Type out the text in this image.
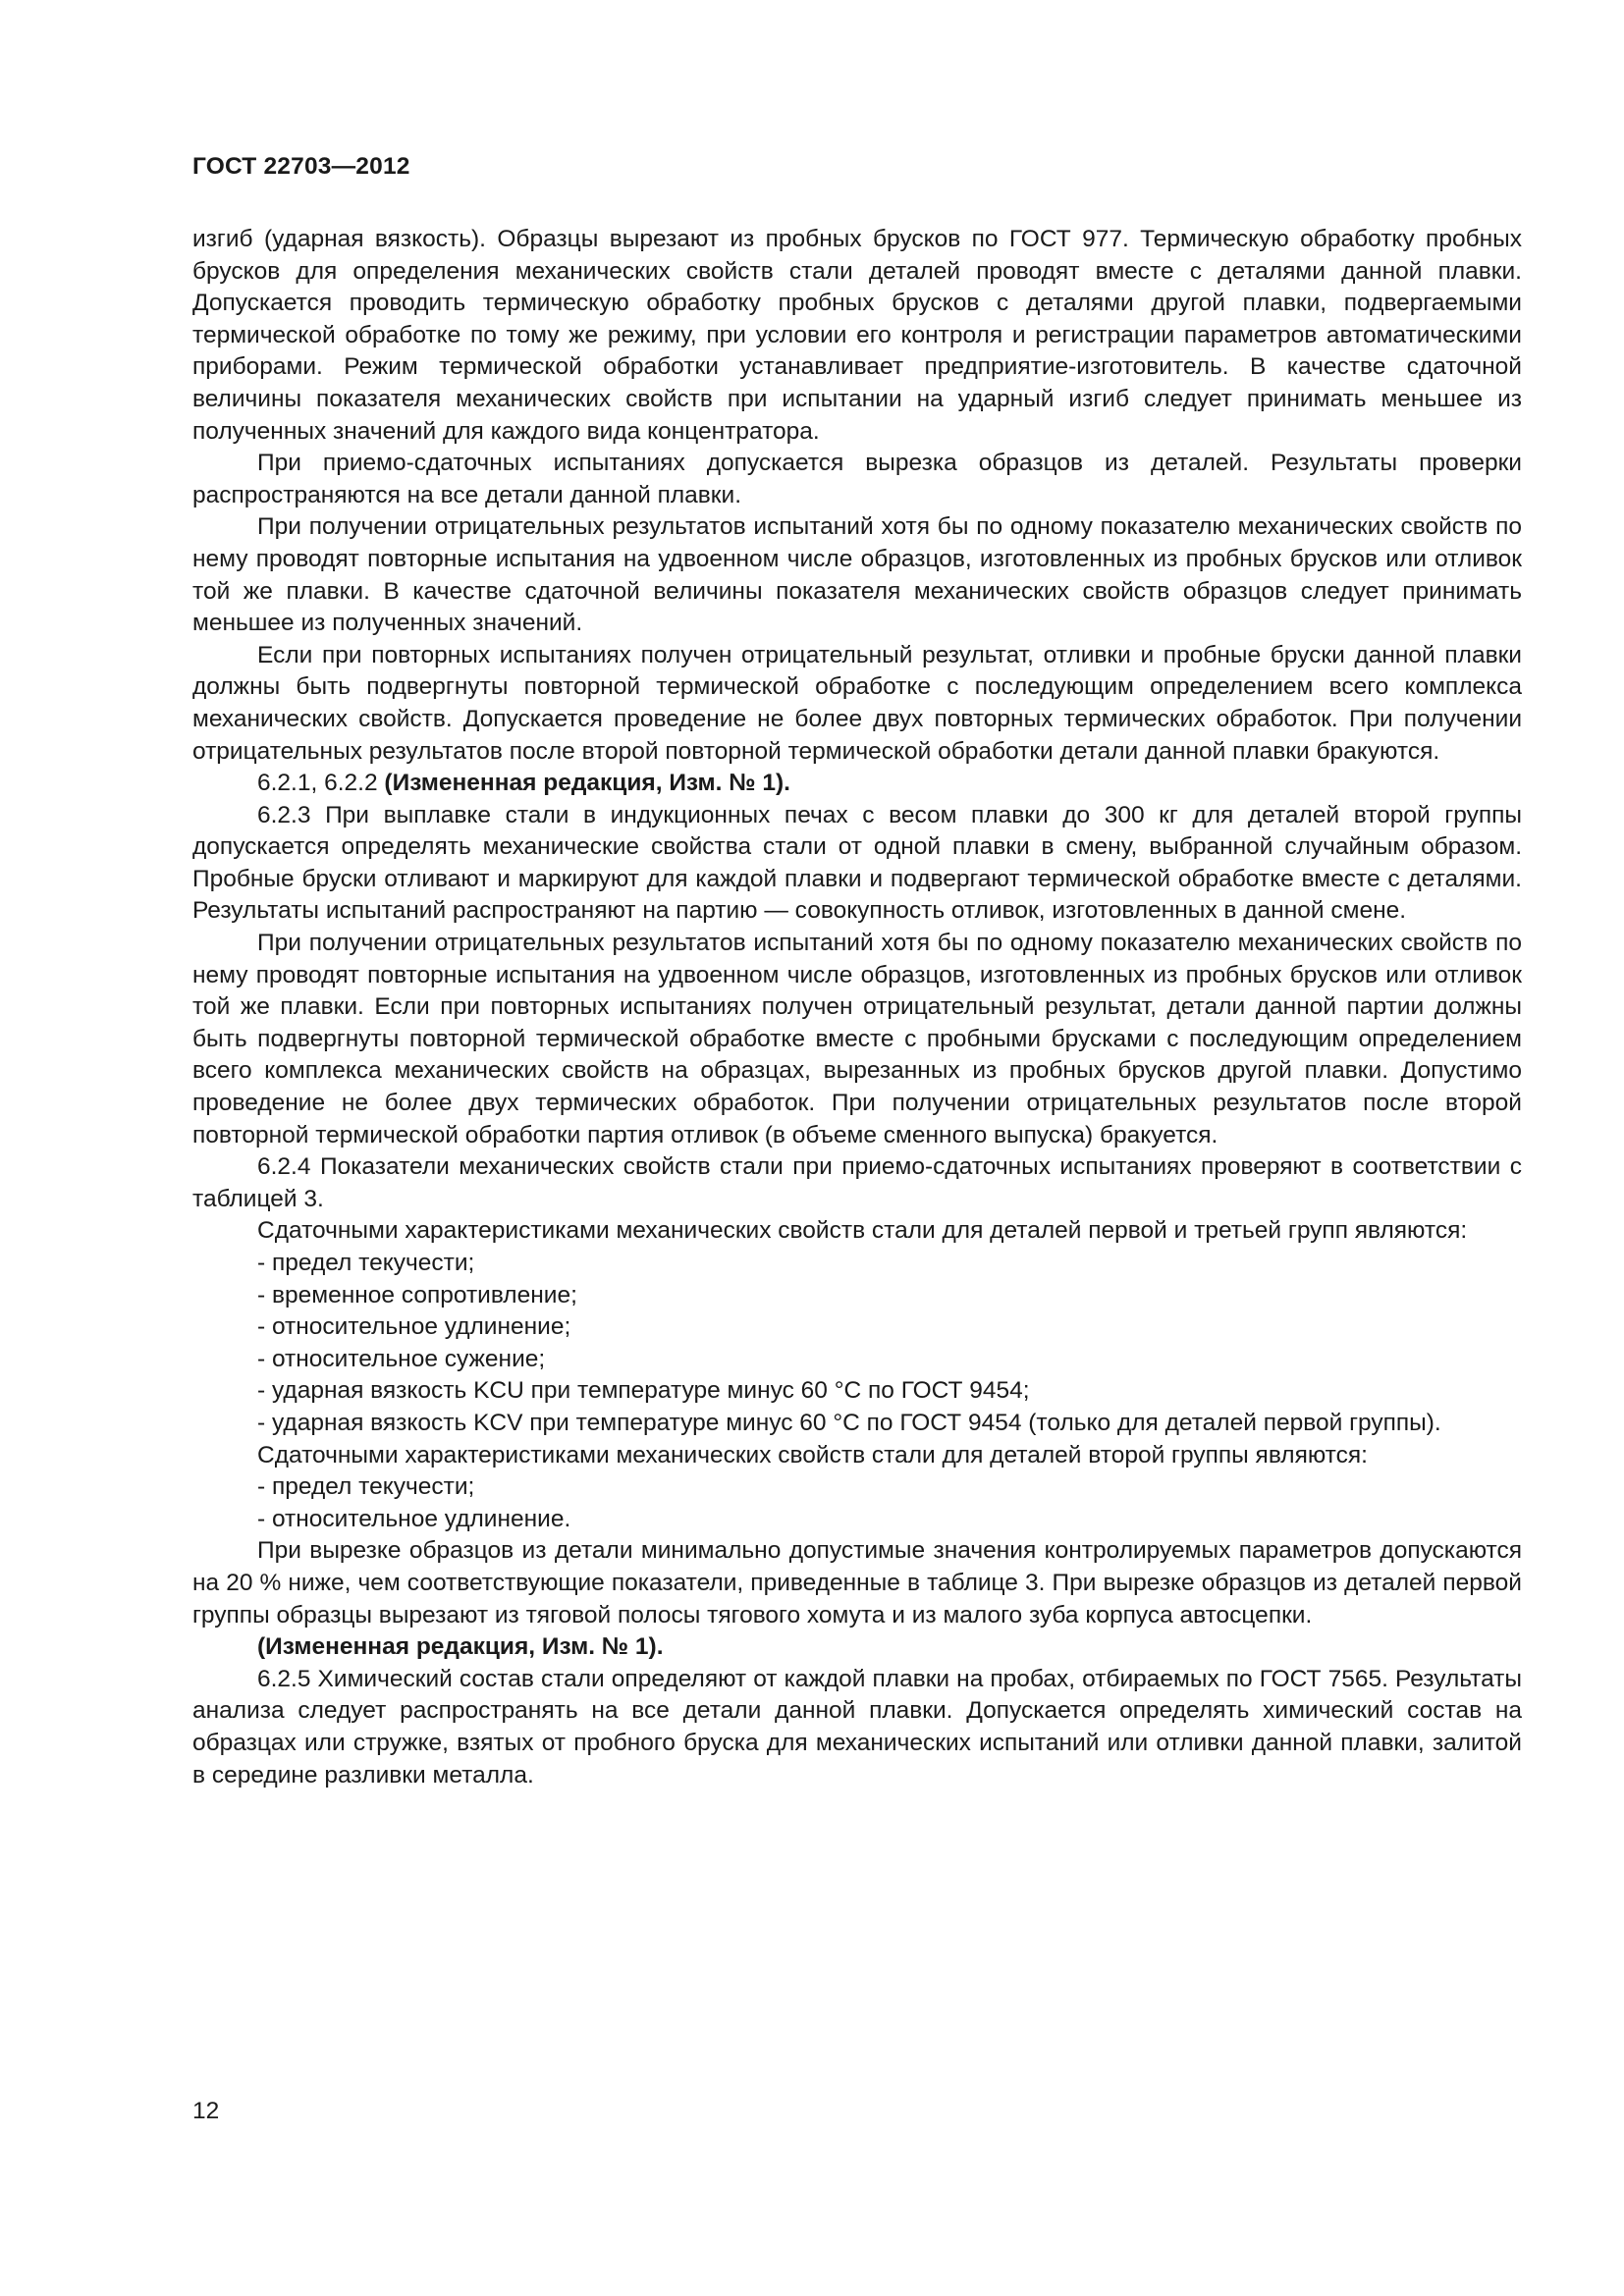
ГОСТ 22703—2012

изгиб (ударная вязкость). Образцы вырезают из пробных брусков по ГОСТ 977. Термическую обработку пробных брусков для определения механических свойств стали деталей проводят вместе с деталями данной плавки. Допускается проводить термическую обработку пробных брусков с деталями другой плавки, подвергаемыми термической обработке по тому же режиму, при условии его контроля и регистрации параметров автоматическими приборами. Режим термической обработки устанавливает предприятие-изготовитель. В качестве сдаточной величины показателя механических свойств при испытании на ударный изгиб следует принимать меньшее из полученных значений для каждого вида концентратора.

При приемо-сдаточных испытаниях допускается вырезка образцов из деталей. Результаты проверки распространяются на все детали данной плавки.

При получении отрицательных результатов испытаний хотя бы по одному показателю механических свойств по нему проводят повторные испытания на удвоенном числе образцов, изготовленных из пробных брусков или отливок той же плавки. В качестве сдаточной величины показателя механических свойств образцов следует принимать меньшее из полученных значений.

Если при повторных испытаниях получен отрицательный результат, отливки и пробные бруски данной плавки должны быть подвергнуты повторной термической обработке с последующим определением всего комплекса механических свойств. Допускается проведение не более двух повторных термических обработок. При получении отрицательных результатов после второй повторной термической обработки детали данной плавки бракуются.

6.2.1, 6.2.2 (Измененная редакция, Изм. № 1).

6.2.3 При выплавке стали в индукционных печах с весом плавки до 300 кг для деталей второй группы допускается определять механические свойства стали от одной плавки в смену, выбранной случайным образом. Пробные бруски отливают и маркируют для каждой плавки и подвергают термической обработке вместе с деталями. Результаты испытаний распространяют на партию — совокупность отливок, изготовленных в данной смене.

При получении отрицательных результатов испытаний хотя бы по одному показателю механических свойств по нему проводят повторные испытания на удвоенном числе образцов, изготовленных из пробных брусков или отливок той же плавки. Если при повторных испытаниях получен отрицательный результат, детали данной партии должны быть подвергнуты повторной термической обработке вместе с пробными брусками с последующим определением всего комплекса механических свойств на образцах, вырезанных из пробных брусков другой плавки. Допустимо проведение не более двух термических обработок. При получении отрицательных результатов после второй повторной термической обработки партия отливок (в объеме сменного выпуска) бракуется.

6.2.4 Показатели механических свойств стали при приемо-сдаточных испытаниях проверяют в соответствии с таблицей 3.

Сдаточными характеристиками механических свойств стали для деталей первой и третьей групп являются:

- предел текучести;

- временное сопротивление;

- относительное удлинение;

- относительное сужение;

- ударная вязкость KCU при температуре минус 60 °С по ГОСТ 9454;

- ударная вязкость KCV при температуре минус 60 °С по ГОСТ 9454 (только для деталей первой группы).

Сдаточными характеристиками механических свойств стали для деталей второй группы являются:

- предел текучести;

- относительное удлинение.

При вырезке образцов из детали минимально допустимые значения контролируемых параметров допускаются на 20 % ниже, чем соответствующие показатели, приведенные в таблице 3. При вырезке образцов из деталей первой группы образцы вырезают из тяговой полосы тягового хомута и из малого зуба корпуса автосцепки.

(Измененная редакция, Изм. № 1).

6.2.5 Химический состав стали определяют от каждой плавки на пробах, отбираемых по ГОСТ 7565. Результаты анализа следует распространять на все детали данной плавки. Допускается определять химический состав на образцах или стружке, взятых от пробного бруска для механических испытаний или отливки данной плавки, залитой в середине разливки металла.

12
